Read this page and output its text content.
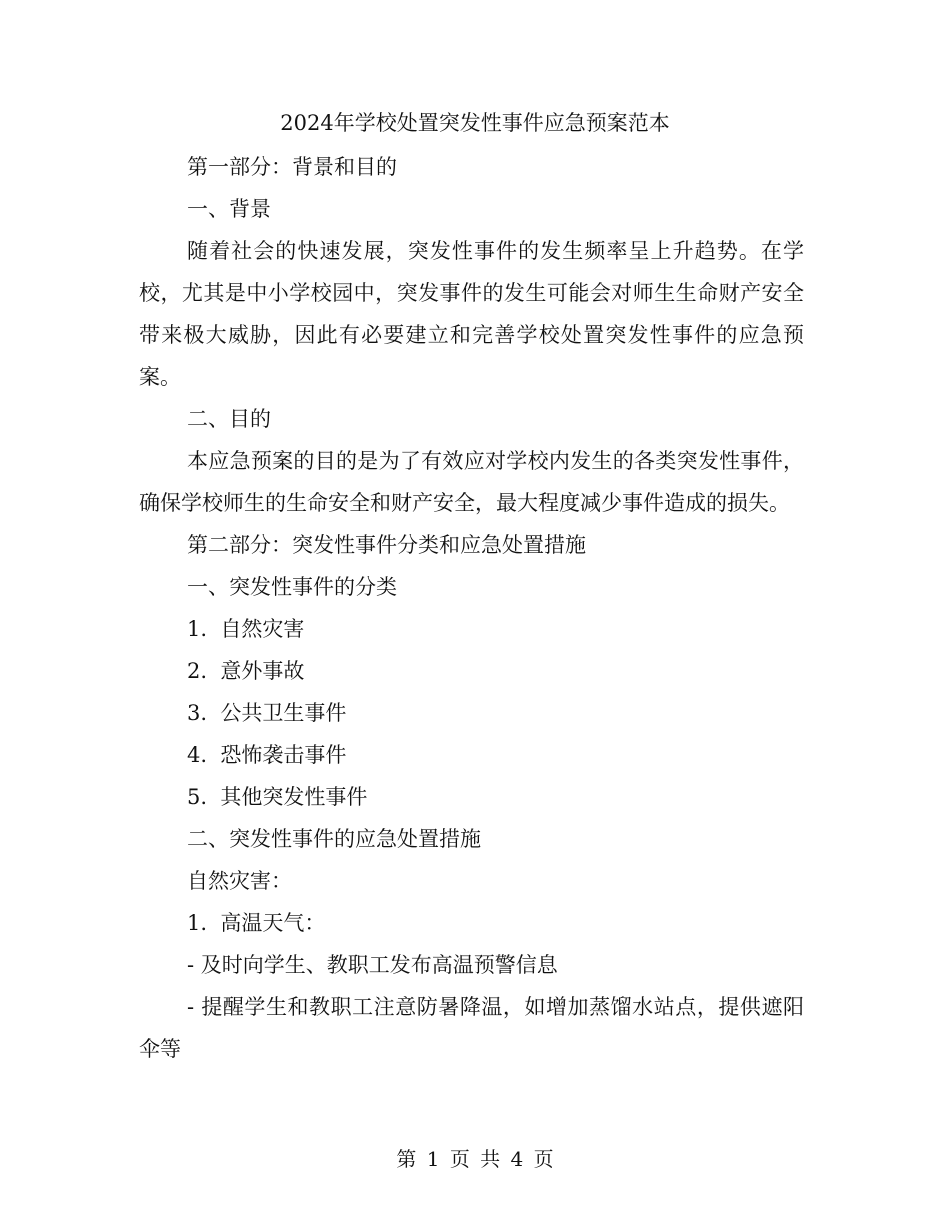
2024年学校处置突发性事件应急预案范本

第一部分：背景和目的

一、背景

随着社会的快速发展，突发性事件的发生频率呈上升趋势。在学校，尤其是中小学校园中，突发事件的发生可能会对师生生命财产安全带来极大威胁，因此有必要建立和完善学校处置突发性事件的应急预案。

二、目的

本应急预案的目的是为了有效应对学校内发生的各类突发性事件，确保学校师生的生命安全和财产安全，最大程度减少事件造成的损失。

第二部分：突发性事件分类和应急处置措施

一、突发性事件的分类

1.  自然灾害

2.  意外事故

3.  公共卫生事件

4.  恐怖袭击事件

5.  其他突发性事件

二、突发性事件的应急处置措施

自然灾害：

1.  高温天气：

- 及时向学生、教职工发布高温预警信息

- 提醒学生和教职工注意防暑降温，如增加蒸馏水站点，提供遮阳伞等

第 1 页 共 4 页
